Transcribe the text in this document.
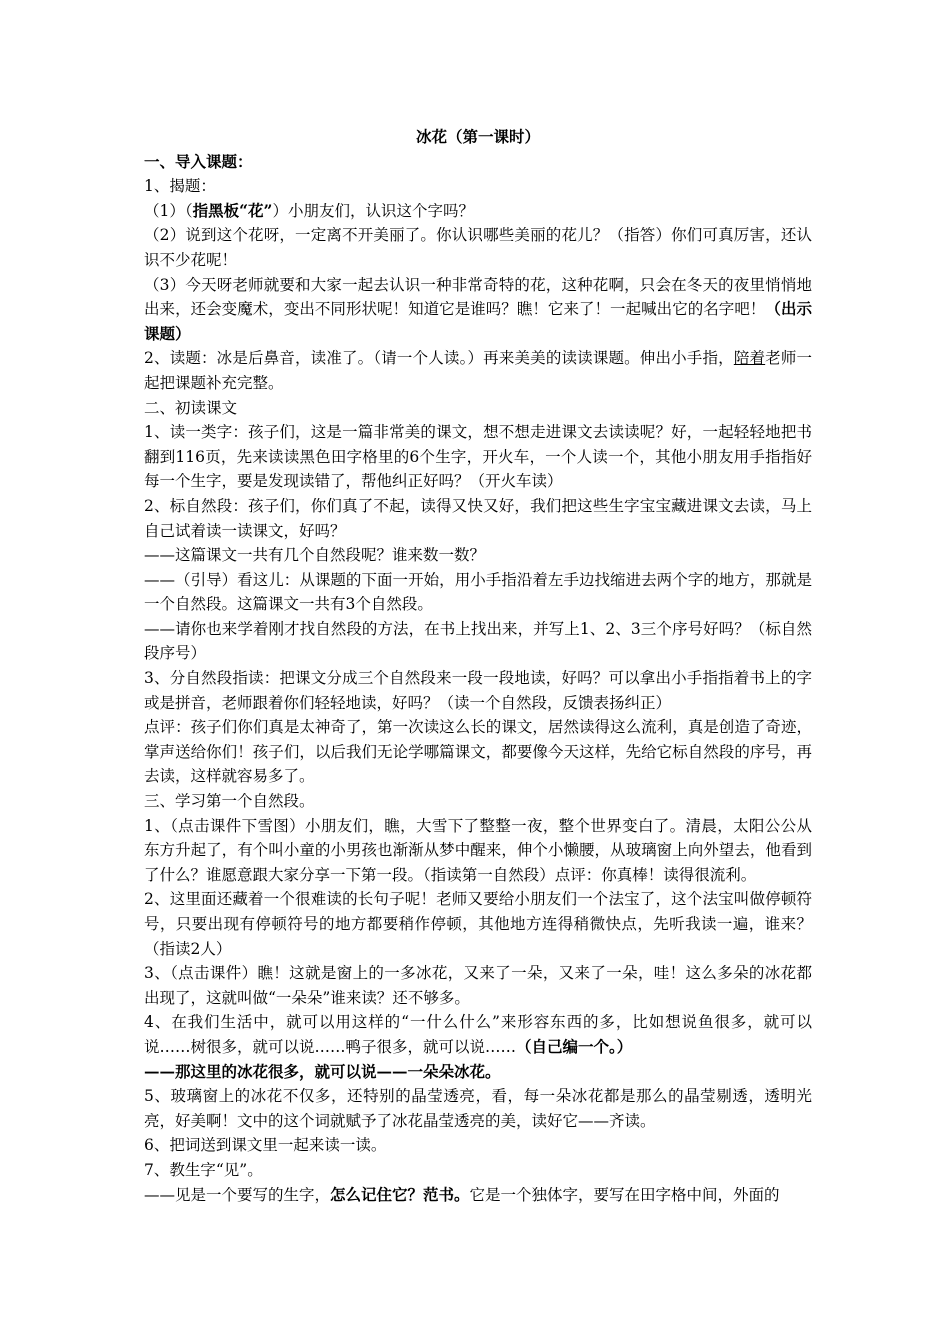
冰花（第一课时）

一、导入课题：

1、揭题：

（1）（指黑板“花”）小朋友们，认识这个字吗？

（2）说到这个花呀，一定离不开美丽了。你认识哪些美丽的花儿？（指答）你们可真厉害，还认识不少花呢！

（3）今天呀老师就要和大家一起去认识一种非常奇特的花，这种花啊，只会在冬天的夜里悄悄地出来，还会变魔术，变出不同形状呢！知道它是谁吗？瞧！它来了！一起喊出它的名字吧！（出示课题）

2、读题：冰是后鼻音，读准了。（请一个人读。）再来美美的读读课题。伸出小手指，陪着老师一起把课题补充完整。

二、初读课文

1、读一类字：孩子们，这是一篇非常美的课文，想不想走进课文去读读呢？好，一起轻轻地把书翻到116页，先来读读黑色田字格里的6个生字，开火车，一个人读一个，其他小朋友用手指指好每一个生字，要是发现读错了，帮他纠正好吗？（开火车读）

2、标自然段：孩子们，你们真了不起，读得又快又好，我们把这些生字宝宝藏进课文去读，马上自己试着读一读课文，好吗？

——这篇课文一共有几个自然段呢？谁来数一数？

——（引导）看这儿：从课题的下面一开始，用小手指沿着左手边找缩进去两个字的地方，那就是一个自然段。这篇课文一共有3个自然段。

——请你也来学着刚才找自然段的方法，在书上找出来，并写上1、2、3三个序号好吗？（标自然段序号）

3、分自然段指读：把课文分成三个自然段来一段一段地读，好吗？可以拿出小手指指着书上的字或是拼音，老师跟着你们轻轻地读，好吗？（读一个自然段，反馈表扬纠正）

点评：孩子们你们真是太神奇了，第一次读这么长的课文，居然读得这么流利，真是创造了奇迹，掌声送给你们！孩子们，以后我们无论学哪篇课文，都要像今天这样，先给它标自然段的序号，再去读，这样就容易多了。

三、学习第一个自然段。

1、（点击课件下雪图）小朋友们，瞧，大雪下了整整一夜，整个世界变白了。清晨，太阳公公从东方升起了，有个叫小童的小男孩也渐渐从梦中醒来，伸个小懒腰，从玻璃窗上向外望去，他看到了什么？谁愿意跟大家分享一下第一段。（指读第一自然段）点评：你真棒！读得很流利。

2、这里面还藏着一个很难读的长句子呢！老师又要给小朋友们一个法宝了，这个法宝叫做停顿符号，只要出现有停顿符号的地方都要稍作停顿，其他地方连得稍微快点，先听我读一遍，谁来？（指读2人）

3、（点击课件）瞧！这就是窗上的一多冰花，又来了一朵，又来了一朵，哇！这么多朵的冰花都出现了，这就叫做“一朵朵”谁来读？还不够多。

4、在我们生活中，就可以用这样的“一什么什么”来形容东西的多，比如想说鱼很多，就可以说……树很多，就可以说……鸭子很多，就可以说……（自己编一个。）

——那这里的冰花很多，就可以说——一朵朵冰花。

5、玻璃窗上的冰花不仅多，还特别的晶莹透亮，看，每一朵冰花都是那么的晶莹剔透，透明光亮，好美啊！文中的这个词就赋予了冰花晶莹透亮的美，读好它——齐读。

6、把词送到课文里一起来读一读。

7、教生字“见”。

——见是一个要写的生字，怎么记住它？范书。它是一个独体字，要写在田字格中间，外面的
